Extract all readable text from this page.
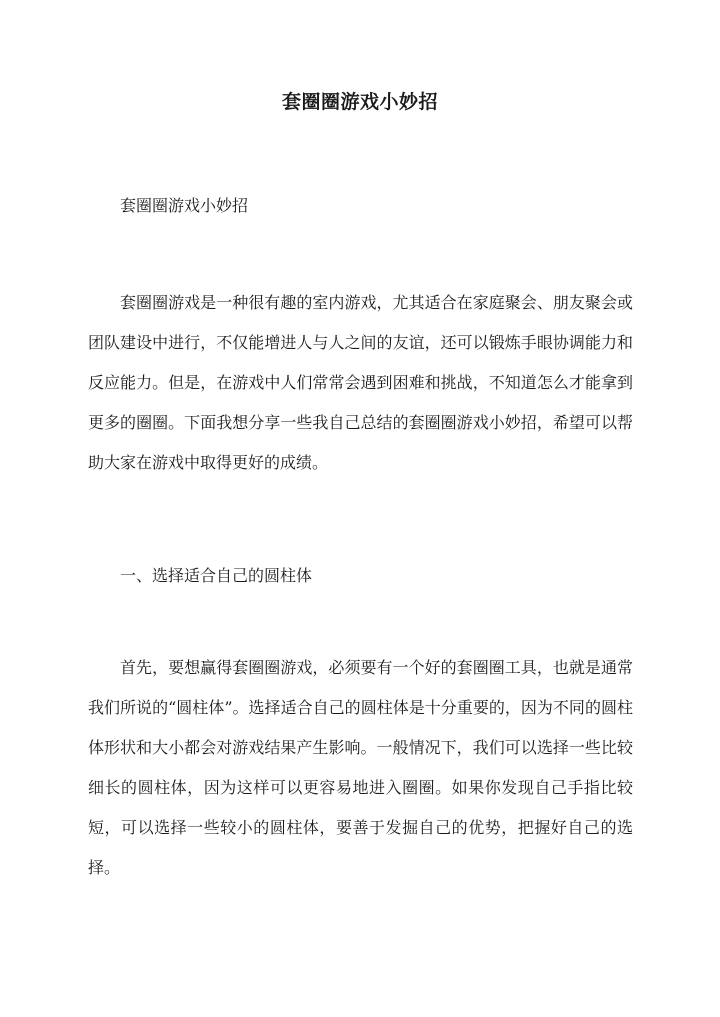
套圈圈游戏小妙招

套圈圈游戏小妙招

套圈圈游戏是一种很有趣的室内游戏，尤其适合在家庭聚会、朋友聚会或团队建设中进行，不仅能增进人与人之间的友谊，还可以锻炼手眼协调能力和反应能力。但是，在游戏中人们常常会遇到困难和挑战，不知道怎么才能拿到更多的圈圈。下面我想分享一些我自己总结的套圈圈游戏小妙招，希望可以帮助大家在游戏中取得更好的成绩。

一、选择适合自己的圆柱体

首先，要想赢得套圈圈游戏，必须要有一个好的套圈圈工具，也就是通常我们所说的“圆柱体”。选择适合自己的圆柱体是十分重要的，因为不同的圆柱体形状和大小都会对游戏结果产生影响。一般情况下，我们可以选择一些比较细长的圆柱体，因为这样可以更容易地进入圈圈。如果你发现自己手指比较短，可以选择一些较小的圆柱体，要善于发掘自己的优势，把握好自己的选择。
